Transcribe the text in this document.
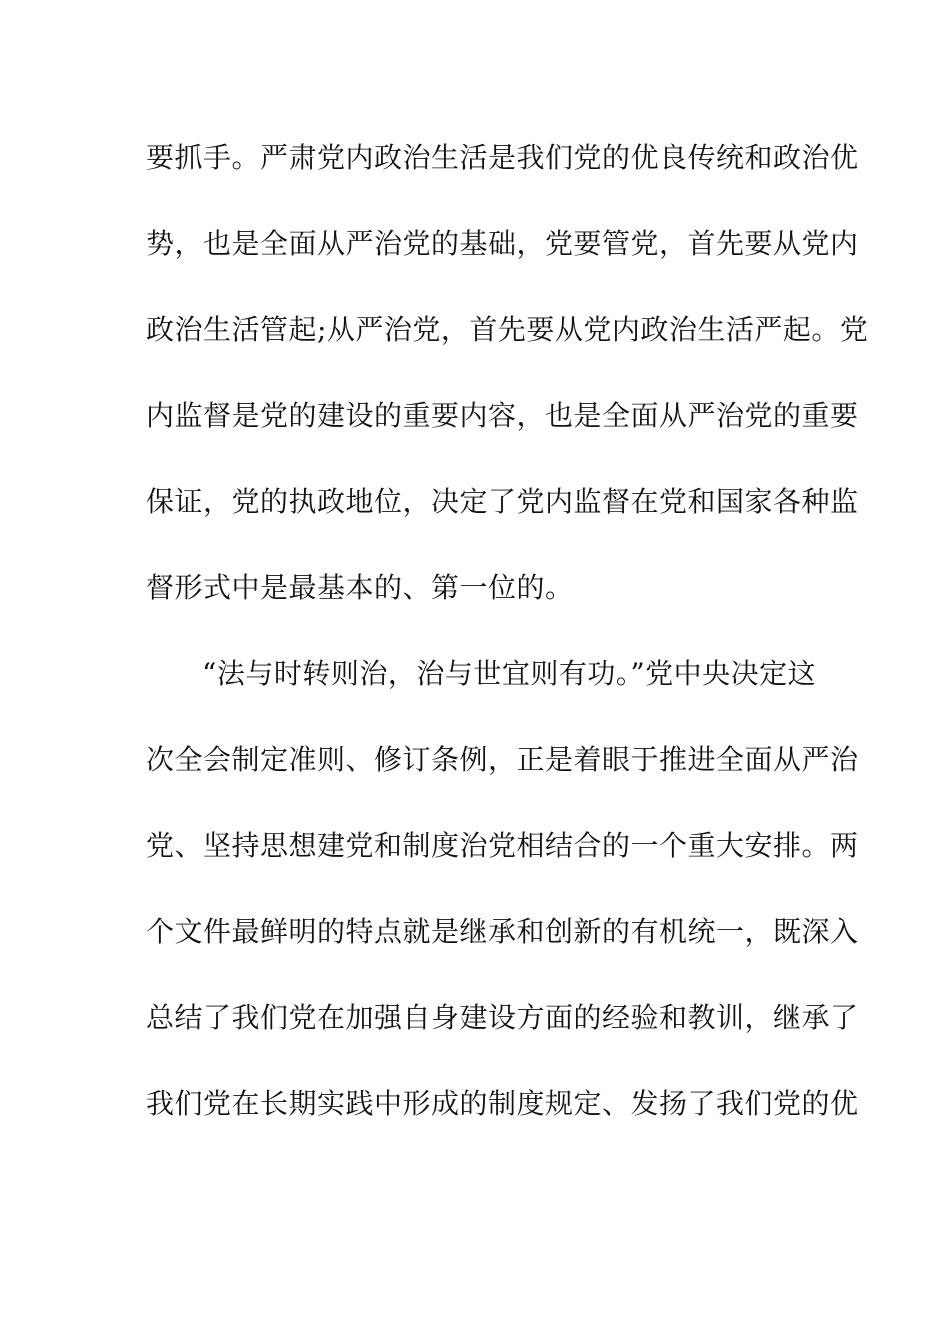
要抓手。严肃党内政治生活是我们党的优良传统和政治优
势，也是全面从严治党的基础，党要管党，首先要从党内
政治生活管起;从严治党，首先要从党内政治生活严起。党
内监督是党的建设的重要内容，也是全面从严治党的重要
保证，党的执政地位，决定了党内监督在党和国家各种监
督形式中是最基本的、第一位的。
“法与时转则治，治与世宜则有功。”党中央决定这
次全会制定准则、修订条例，正是着眼于推进全面从严治
党、坚持思想建党和制度治党相结合的一个重大安排。两
个文件最鲜明的特点就是继承和创新的有机统一，既深入
总结了我们党在加强自身建设方面的经验和教训，继承了
我们党在长期实践中形成的制度规定、发扬了我们党的优
